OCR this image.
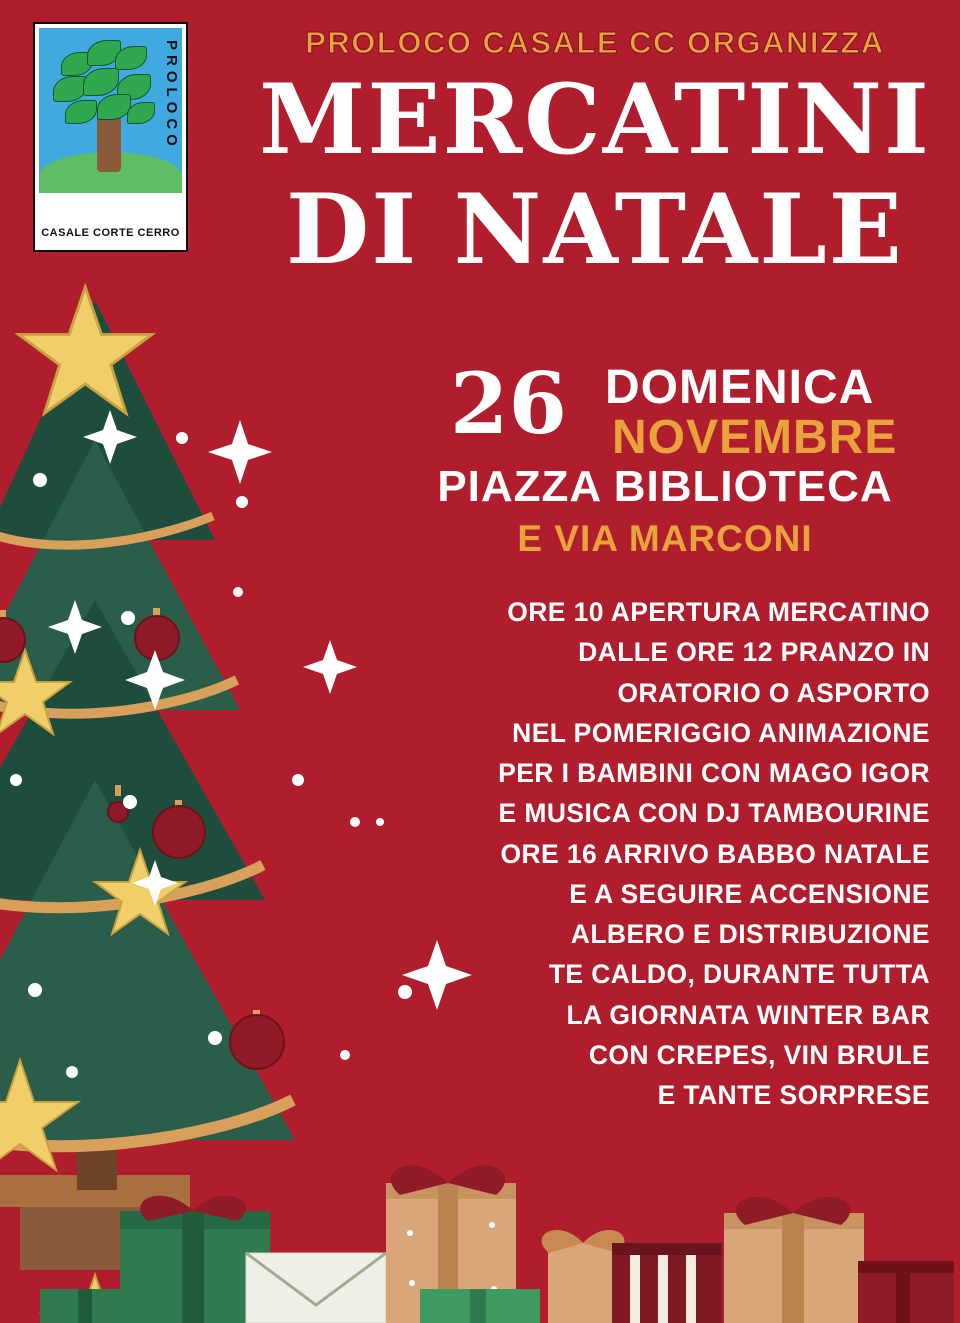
PROLOCO
CASALE CORTE CERRO
PROLOCO CASALE CC ORGANIZZA
MERCATINI
DI NATALE
26 DOMENICA
NOVEMBRE
PIAZZA BIBLIOTECA
E VIA MARCONI
ORE 10 APERTURA MERCATINO
DALLE ORE 12 PRANZO IN
ORATORIO O ASPORTO
NEL POMERIGGIO ANIMAZIONE
PER I BAMBINI CON MAGO IGOR
E MUSICA CON DJ TAMBOURINE
ORE 16 ARRIVO BABBO NATALE
E A SEGUIRE ACCENSIONE
ALBERO E DISTRIBUZIONE
TE CALDO, DURANTE TUTTA
LA GIORNATA WINTER BAR
CON CREPES, VIN BRULE
E TANTE SORPRESE
